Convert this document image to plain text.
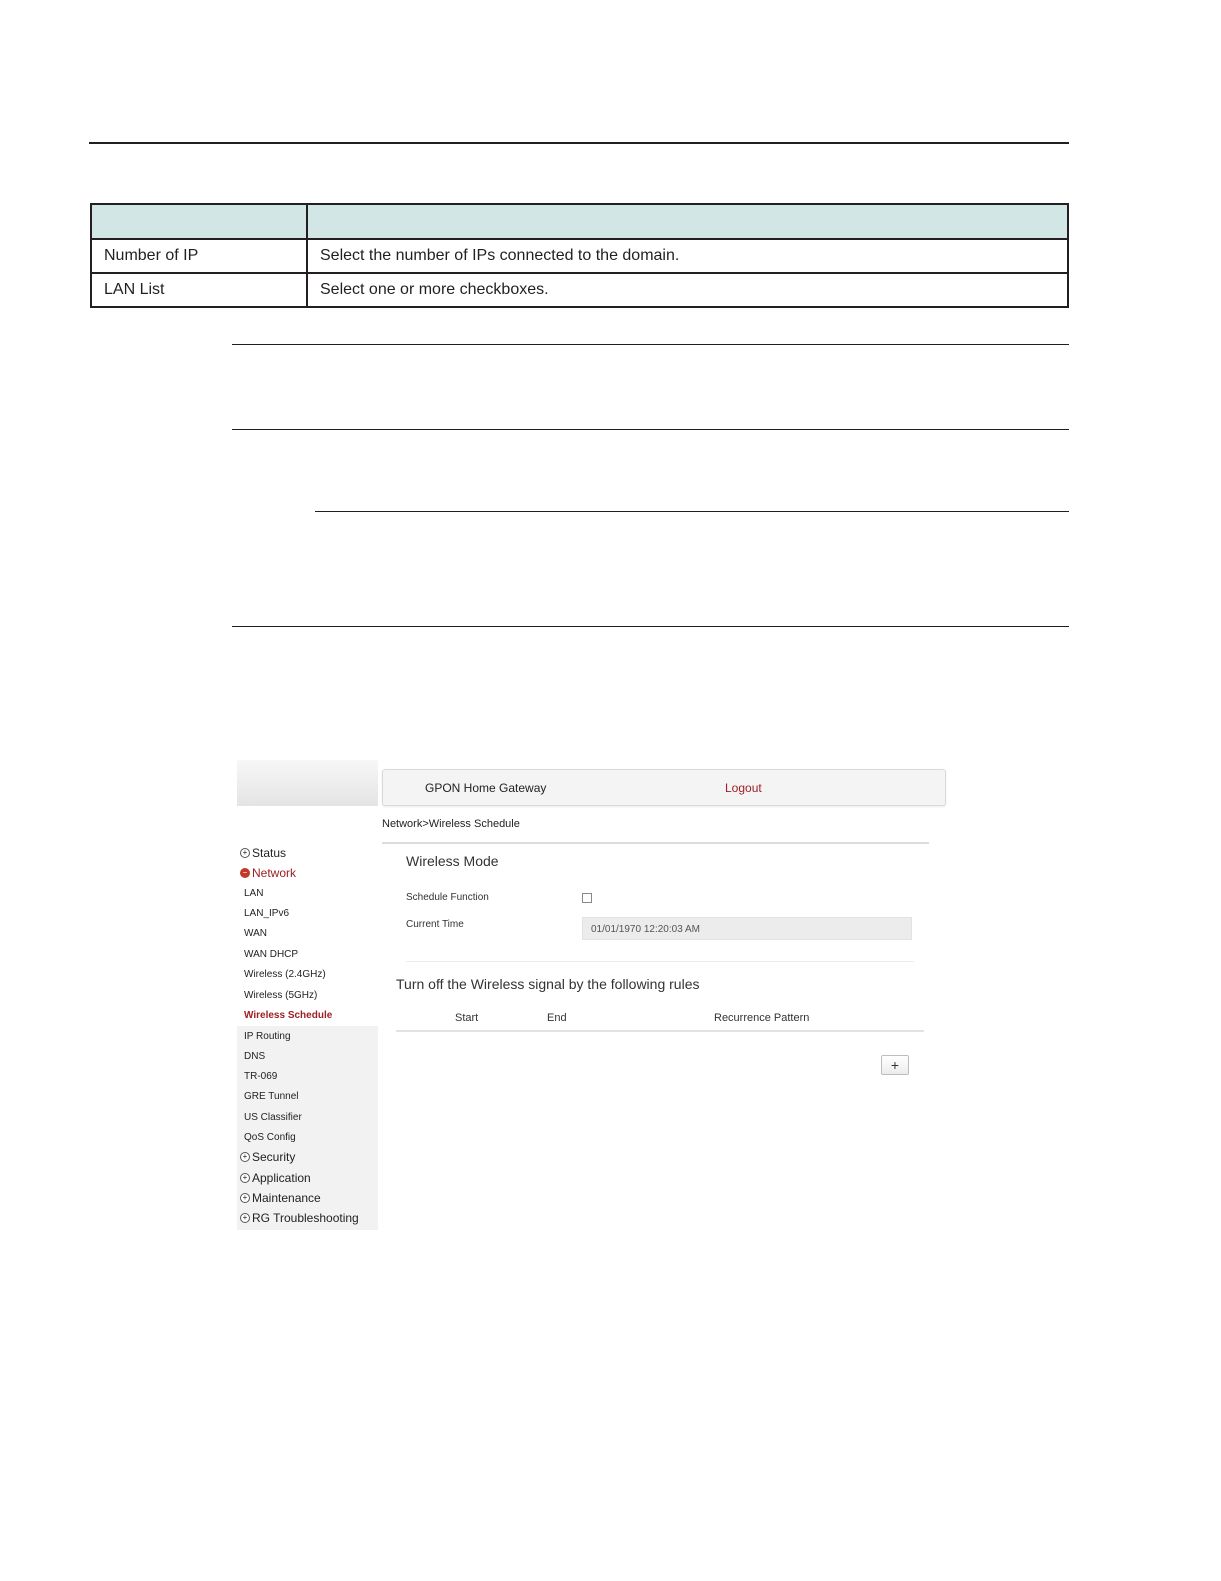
Number of IP	Select the number of IPs connected to the domain.
LAN List	Select one or more checkboxes.
GPON Home Gateway	Logout
+ Status
− Network
LAN
LAN_IPv6
WAN
WAN DHCP
Wireless (2.4GHz)
Wireless (5GHz)
Wireless Schedule
IP Routing
DNS
TR-069
GRE Tunnel
US Classifier
QoS Config
+ Security
+ Application
+ Maintenance
+ RG Troubleshooting
Network>Wireless Schedule
Wireless Mode
Schedule Function
Current Time	01/01/1970 12:20:03 AM
Turn off the Wireless signal by the following rules
Start	End	Recurrence Pattern
+
